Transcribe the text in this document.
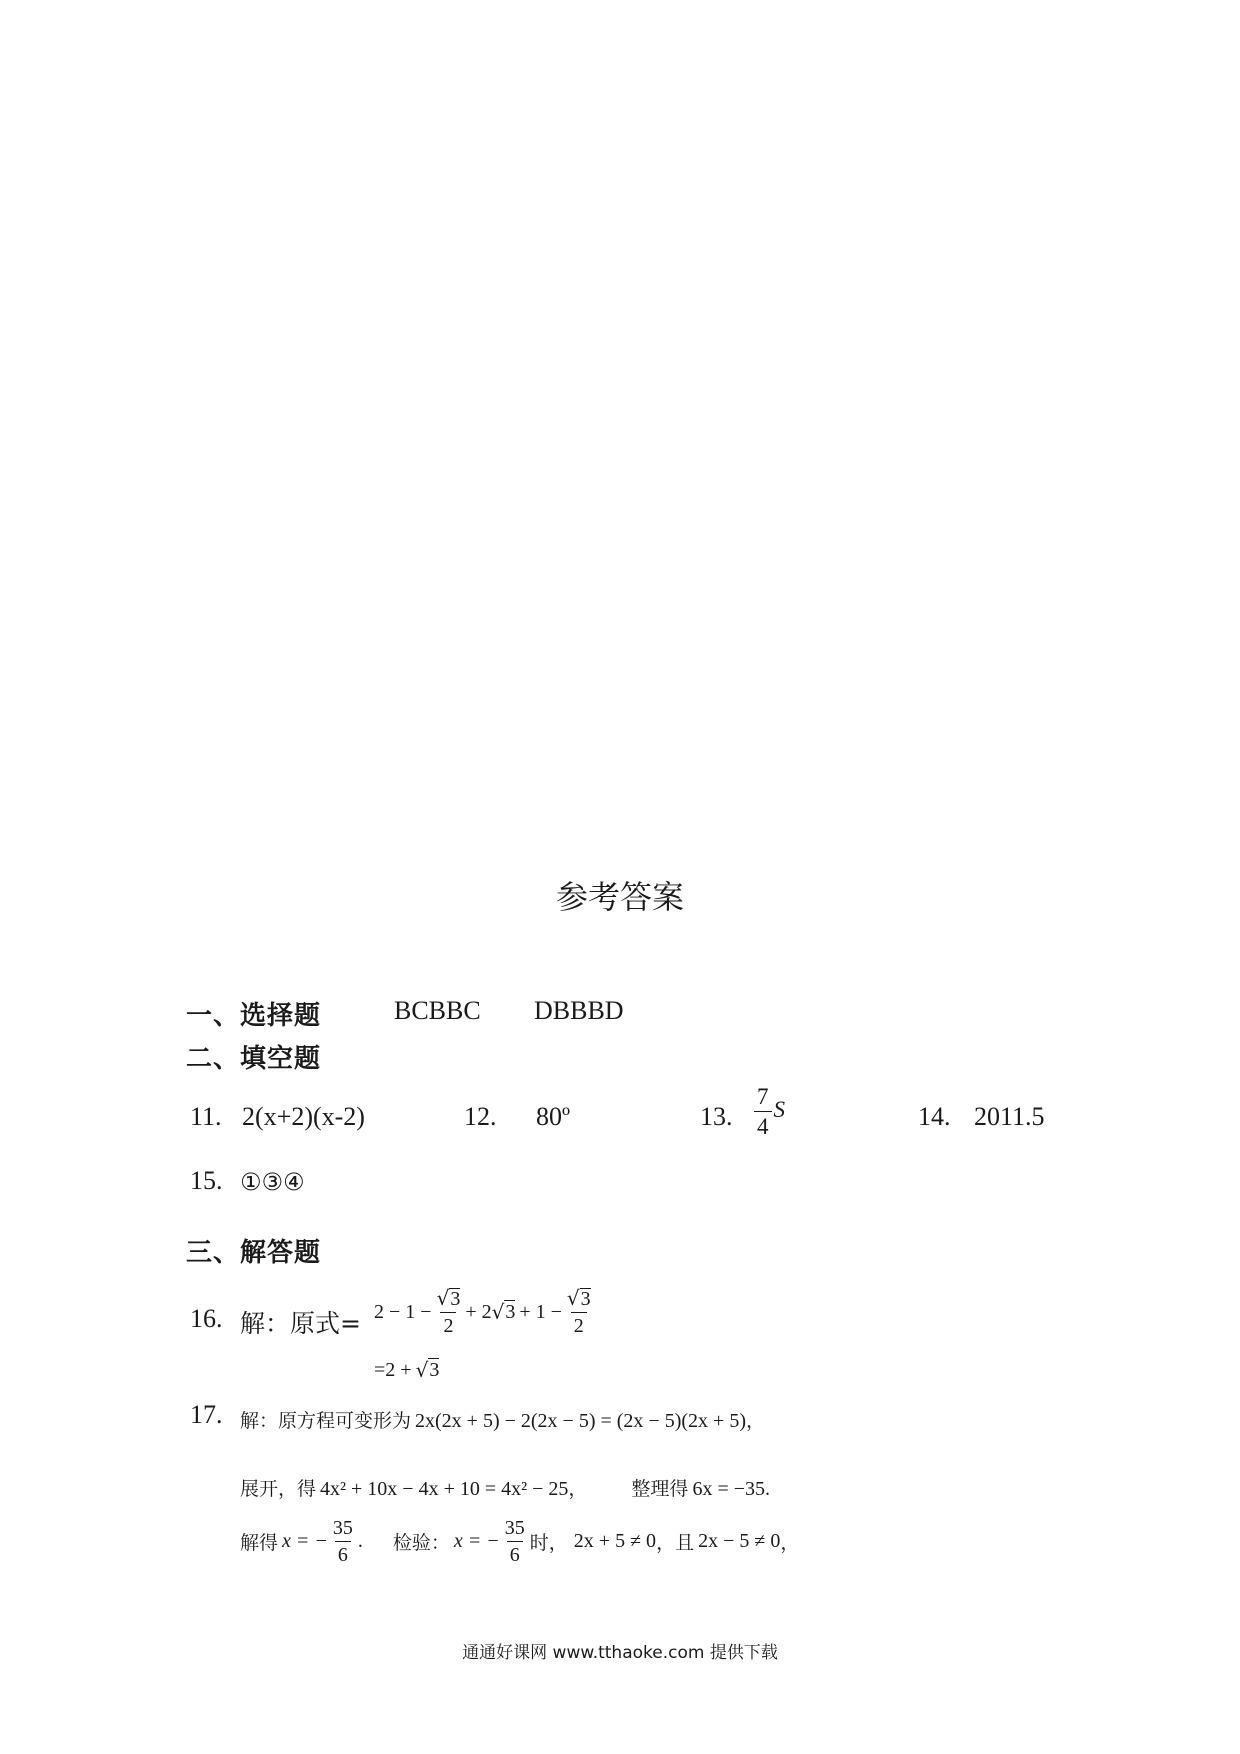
参考答案
一、选择题	BCBBC DBBBD
二、填空题
11. 2(x+2)(x-2)	12. 80º	13. $\frac{7}{4}$ S	14. 2011.5
15. ①③④
三、解答题
16. 解：原式= $2 - 1 - \frac{√ 3}{2} + 2$ √ $3 + 1 - \frac{√ 3}{2}$
=2 + √ 3
17. 解：原方程可变形为 2x(2x + 5) − 2(2x − 5) = (2x − 5)(2x + 5) ，
展开，得 4x² + 10x − 4x + 10 = 4x² − 25 ， 整理得 6x = −35 .
解得 x = − $\frac{35}{6}$ . 检验： x = − $\frac{35}{6}$ 时， 2x + 5 ≠ 0 ，且 2x − 5 ≠ 0 ，
通通好课网 www.tthaoke.com 提供下载
